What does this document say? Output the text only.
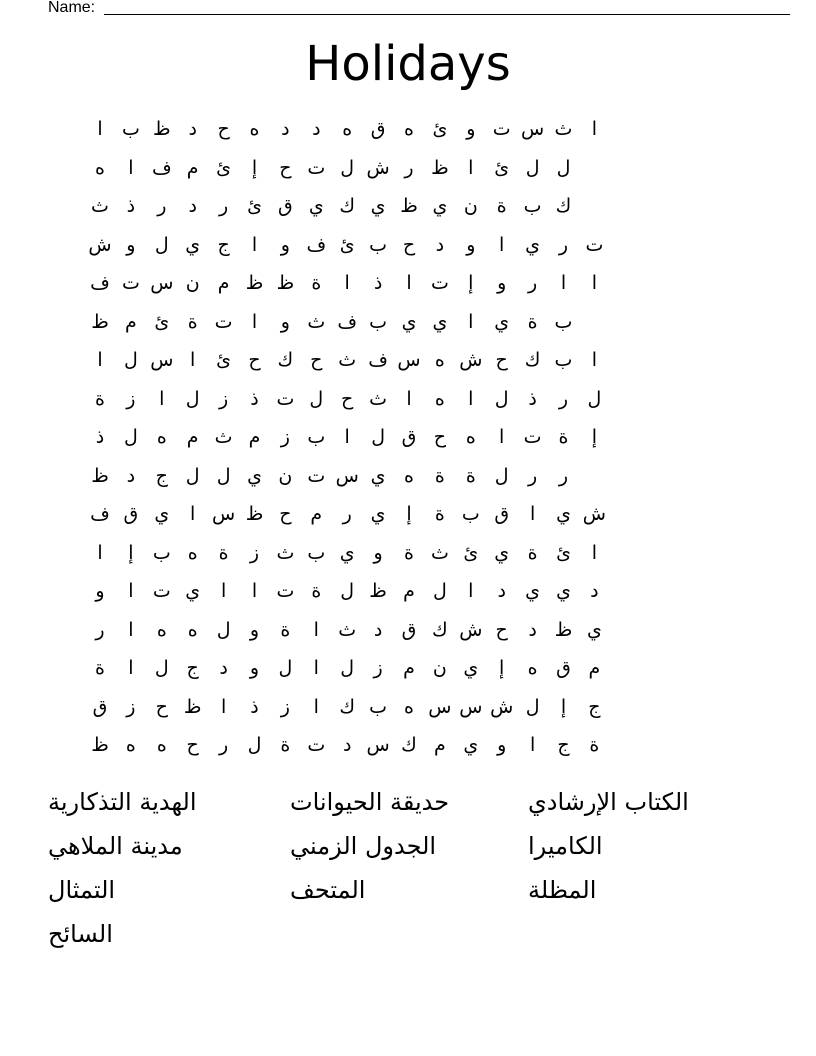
Name:
Holidays
ا	ب ظ د	ح	ه	د	د	ه ق ه ئ و ت س ث	ا
ه	ا ف م ئ	إ	ح ت ل ش ر ظ	ا	ئ ل ل
ث ذ	ر	د	ر ئ ق ي ك ي ظ ي ن ة ب ك
ش و	ل ي ج	ا	و ف ئ ب ح	د	و	ا	ي ر ت
ف ت س ن م ظ ظ ة	ا	ذ	ا	ت	إ	و	ر	ا	ا
ظ م ئ ة ت	ا	و ث ف ب ي ي	ا	ي ة ب
ا	ل س ا	ئ ح ك ح ث ف س ه ش ح ك ب	ا
ة	ز	ا	ل	ز	ذ ت ل ح ث	ا	ه	ا	ل	ذ	ر	ل
ذ	ل	ه	م ث م	ز ب	ا	ل ق ح	ه	ا	ت ة	إ
ظ د	ج ل ل ي ن ت س ي ه	ة	ة	ل	ر	ر
ف ق ي	ا س ظ ح م	ر ي	إ	ة ب ق	ا	ي ش
ا	إ	ب ه	ة	ز ث ب ي و	ة ث ئ ي ة ئ	ا
و	ا	ت ي	ا	ا	ت ة	ل ظ م ل	ا	د	ي ي	د
ر	ا	ه	ه	ل	و	ة	ا	ث د	ق ك ش ح	د ظ ي
ة	ا	ل ج	د	و	ل	ا	ل	ز	م ن ي	إ	ه ق م
ق ز	ح ظ	ا	ذ	ز	ا	ك ب ه س س ش ل	إ	ج
ظ ه	ه	ح	ر	ل	ة ت د س ك م ي و	ا	ج	ة
الهدية التذكارية	حديقة الحيوانات	الكتاب الإرشادي
مدينة الملاهي	الجدول الزمني	الكاميرا
التمثال	المتحف	المظلة
السائح
